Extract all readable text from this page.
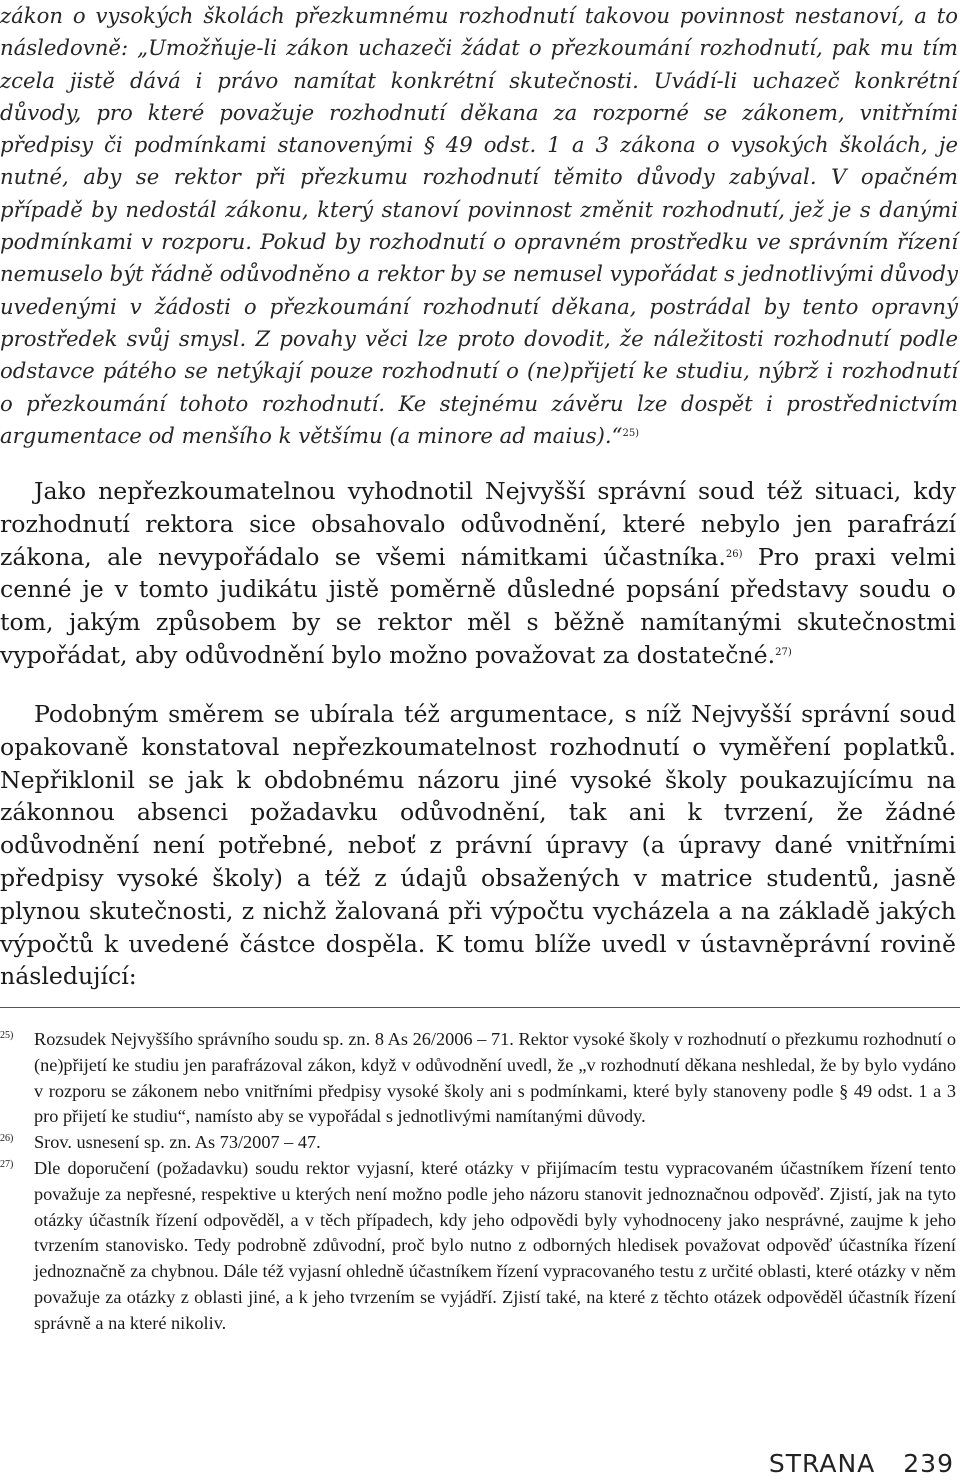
zákon o vysokých školách přezkumnému rozhodnutí takovou povinnost nestanoví, a to následovně: „Umožňuje-li zákon uchazeči žádat o přezkoumání rozhodnutí, pak mu tím zcela jistě dává i právo namítat konkrétní skutečnosti. Uvádí-li uchazeč konkrétní důvody, pro které považuje rozhodnutí děkana za rozporné se zákonem, vnitřními předpisy či podmínkami stanovenými § 49 odst. 1 a 3 zákona o vysokých školách, je nutné, aby se rektor při přezkumu rozhodnutí těmito důvody zabýval. V opačném případě by nedostál zákonu, který stanoví povinnost změnit rozhodnutí, jež je s danými podmínkami v rozporu. Pokud by rozhodnutí o opravném prostředku ve správním řízení nemuselo být řádně odůvodněno a rektor by se nemusel vypořádat s jednotlivými důvody uvedenými v žádosti o přezkoumání rozhodnutí děkana, postrádal by tento opravný prostředek svůj smysl. Z povahy věci lze proto dovodit, že náležitosti rozhodnutí podle odstavce pátého se netýkají pouze rozhodnutí o (ne)přijetí ke studiu, nýbrž i rozhodnutí o přezkoumání tohoto rozhodnutí. Ke stejnému závěru lze dospět i prostřednictvím argumentace od menšího k většímu (a minore ad maius).“$^{25)}$

Jako nepřezkoumatelnou vyhodnotil Nejvyšší správní soud též situaci, kdy rozhodnutí rektora sice obsahovalo odůvodnění, které nebylo jen parafrází zákona, ale nevypořádalo se všemi námitkami účastníka.$^{26)}$ Pro praxi velmi cenné je v tomto judikátu jistě poměrně důsledné popsání představy soudu o tom, jakým způsobem by se rektor měl s běžně namítanými skutečnostmi vypořádat, aby odůvodnění bylo možno považovat za dostatečné.$^{27)}$

Podobným směrem se ubírala též argumentace, s níž Nejvyšší správní soud opakovaně konstatoval nepřezkoumatelnost rozhodnutí o vyměření poplatků. Nepřiklonil se jak k obdobnému názoru jiné vysoké školy poukazujícímu na zákonnou absenci požadavku odůvodnění, tak ani k tvrzení, že žádné odůvodnění není potřebné, neboť z právní úpravy (a úpravy dané vnitřními předpisy vysoké školy) a též z údajů obsažených v matrice studentů, jasně plynou skutečnosti, z nichž žalovaná při výpočtu vycházela a na základě jakých výpočtů k uvedené částce dospěla. K tomu blíže uvedl v ústavněprávní rovině následující:

25) Rozsudek Nejvyššího správního soudu sp. zn. 8 As 26/2006 – 71. Rektor vysoké školy v rozhodnutí o přezkumu rozhodnutí o (ne)přijetí ke studiu jen parafrázoval zákon, když v odůvodnění uvedl, že „v rozhodnutí děkana neshledal, že by bylo vydáno v rozporu se zákonem nebo vnitřními předpisy vysoké školy ani s podmínkami, které byly stanoveny podle § 49 odst. 1 a 3 pro přijetí ke studiu“, namísto aby se vypořádal s jednotlivými namítanými důvody.
26) Srov. usnesení sp. zn. As 73/2007 – 47.
27) Dle doporučení (požadavku) soudu rektor vyjasní, které otázky v přijímacím testu vypracovaném účastníkem řízení tento považuje za nepřesné, respektive u kterých není možno podle jeho názoru stanovit jednoznačnou odpověď. Zjistí, jak na tyto otázky účastník řízení odpověděl, a v těch případech, kdy jeho odpovědi byly vyhodnoceny jako nesprávné, zaujme k jeho tvrzením stanovisko. Tedy podrobně zdůvodní, proč bylo nutno z odborných hledisek považovat odpověď účastníka řízení jednoznačně za chybnou. Dále též vyjasní ohledně účastníkem řízení vypracovaného testu z určité oblasti, které otázky v něm považuje za otázky z oblasti jiné, a k jeho tvrzením se vyjádří. Zjistí také, na které z těchto otázek odpověděl účastník řízení správně a na které nikoliv.
STRANA 239
